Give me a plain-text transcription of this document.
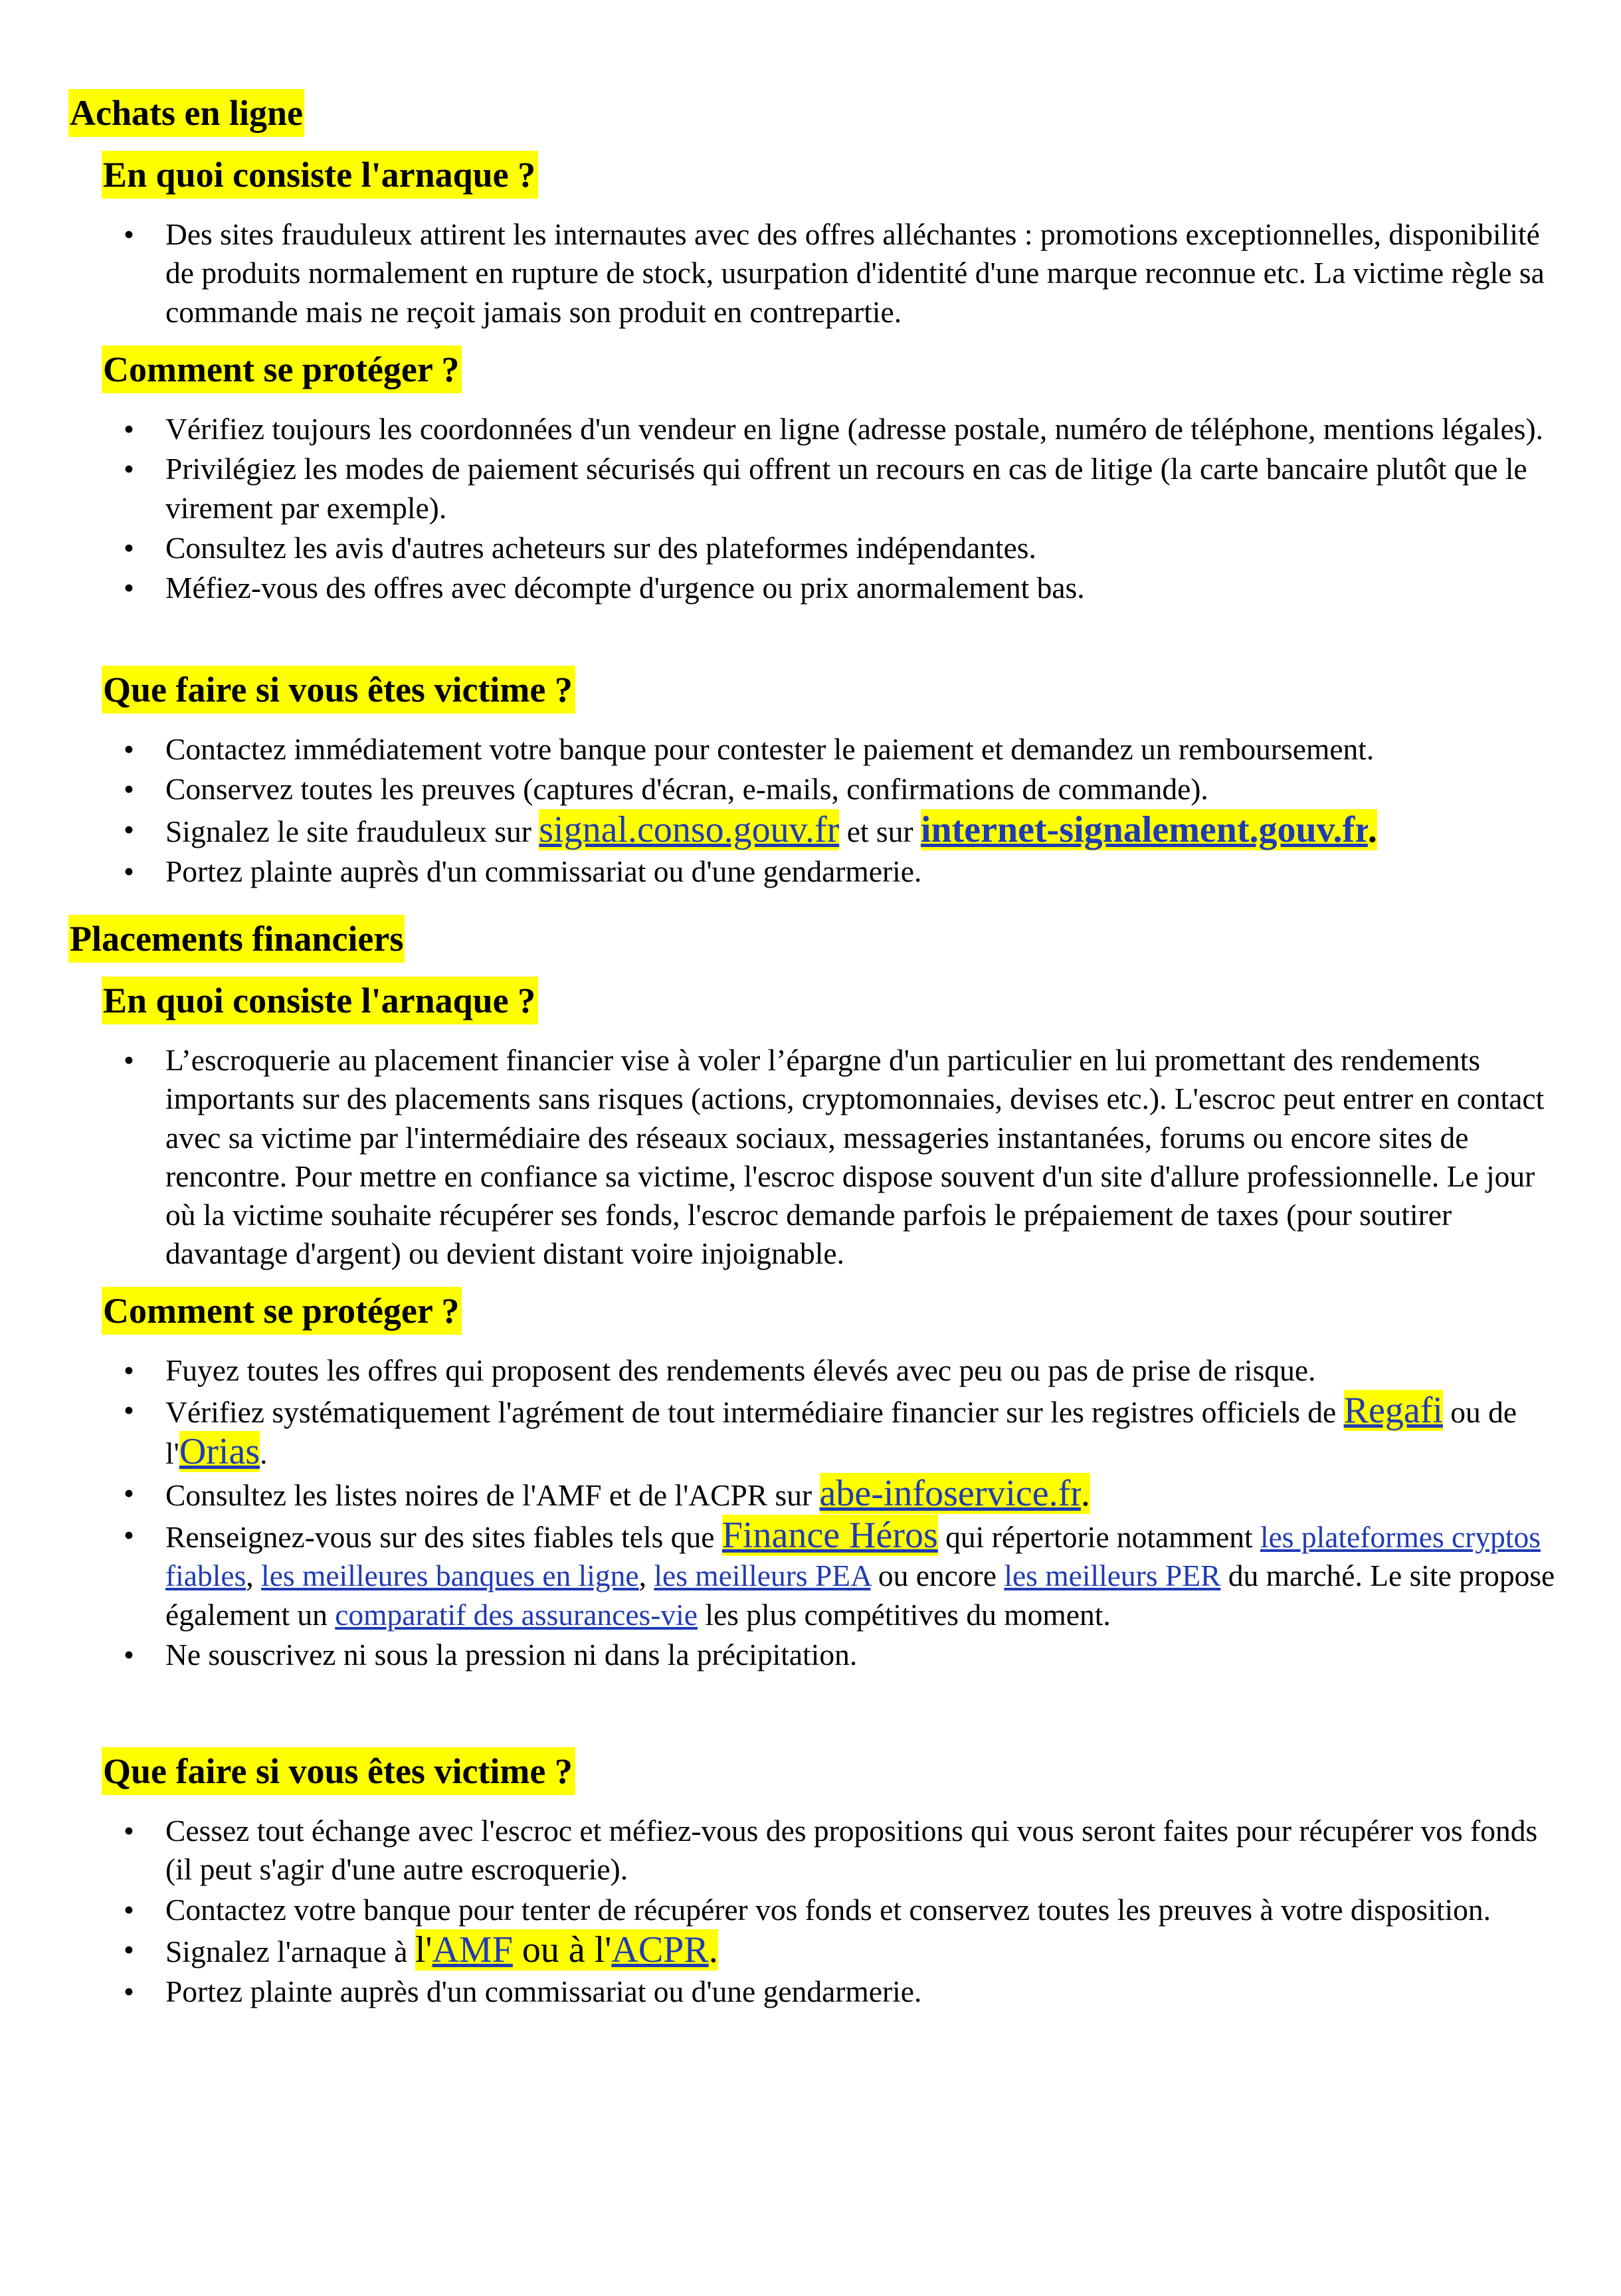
Achats en ligne
En quoi consiste l'arnaque ?
• Des sites frauduleux attirent les internautes avec des offres alléchantes : promotions exceptionnelles, disponibilité de produits normalement en rupture de stock, usurpation d'identité d'une marque reconnue etc. La victime règle sa commande mais ne reçoit jamais son produit en contrepartie.
Comment se protéger ?
• Vérifiez toujours les coordonnées d'un vendeur en ligne (adresse postale, numéro de téléphone, mentions légales).
• Privilégiez les modes de paiement sécurisés qui offrent un recours en cas de litige (la carte bancaire plutôt que le virement par exemple).
• Consultez les avis d'autres acheteurs sur des plateformes indépendantes.
• Méfiez-vous des offres avec décompte d'urgence ou prix anormalement bas.
Que faire si vous êtes victime ?
• Contactez immédiatement votre banque pour contester le paiement et demandez un remboursement.
• Conservez toutes les preuves (captures d'écran, e-mails, confirmations de commande).
• Signalez le site frauduleux sur signal.conso.gouv.fr et sur internet-signalement.gouv.fr.
• Portez plainte auprès d'un commissariat ou d'une gendarmerie.
Placements financiers
En quoi consiste l'arnaque ?
• L’escroquerie au placement financier vise à voler l’épargne d'un particulier en lui promettant des rendements importants sur des placements sans risques (actions, cryptomonnaies, devises etc.). L'escroc peut entrer en contact avec sa victime par l'intermédiaire des réseaux sociaux, messageries instantanées, forums ou encore sites de rencontre. Pour mettre en confiance sa victime, l'escroc dispose souvent d'un site d'allure professionnelle. Le jour où la victime souhaite récupérer ses fonds, l'escroc demande parfois le prépaiement de taxes (pour soutirer davantage d'argent) ou devient distant voire injoignable.
Comment se protéger ?
• Fuyez toutes les offres qui proposent des rendements élevés avec peu ou pas de prise de risque.
• Vérifiez systématiquement l'agrément de tout intermédiaire financier sur les registres officiels de Regafi ou de l'Orias.
• Consultez les listes noires de l'AMF et de l'ACPR sur abe-infoservice.fr.
• Renseignez-vous sur des sites fiables tels que Finance Héros qui répertorie notamment les plateformes cryptos fiables, les meilleures banques en ligne, les meilleurs PEA ou encore les meilleurs PER du marché. Le site propose également un comparatif des assurances-vie les plus compétitives du moment.
• Ne souscrivez ni sous la pression ni dans la précipitation.
Que faire si vous êtes victime ?
• Cessez tout échange avec l'escroc et méfiez-vous des propositions qui vous seront faites pour récupérer vos fonds (il peut s'agir d'une autre escroquerie).
• Contactez votre banque pour tenter de récupérer vos fonds et conservez toutes les preuves à votre disposition.
• Signalez l'arnaque à l'AMF ou à l'ACPR.
• Portez plainte auprès d'un commissariat ou d'une gendarmerie.
